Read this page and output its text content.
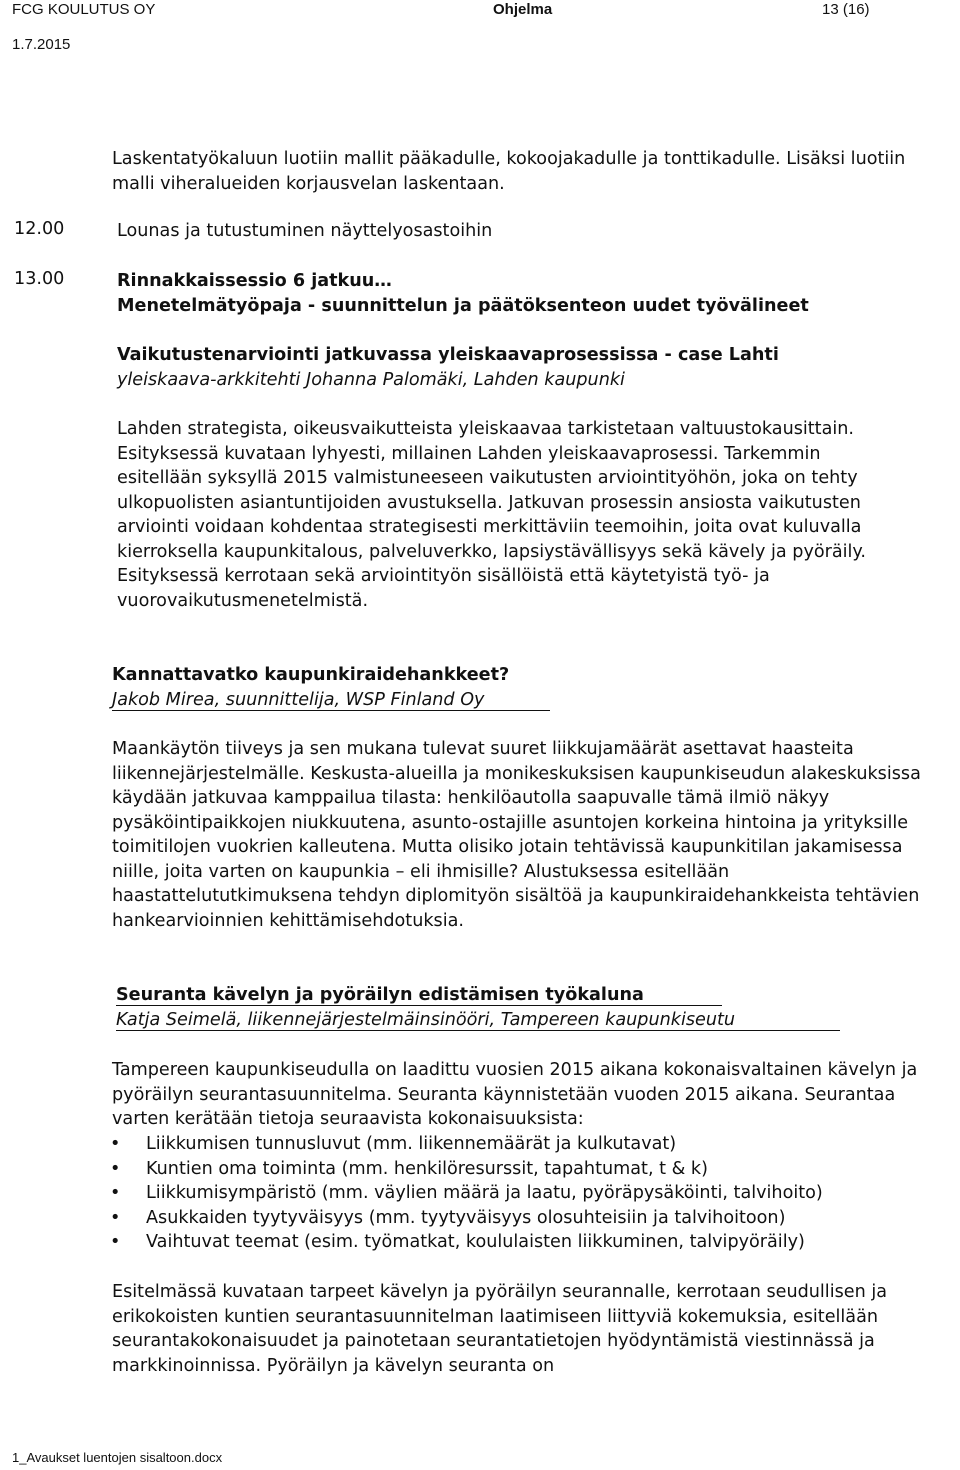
FCG KOULUTUS OY	Ohjelma	13 (16)
1.7.2015

Laskentatyökaluun luotiin mallit pääkadulle, kokoojakadulle ja tonttikadulle. Lisäksi luotiin malli viheralueiden korjausvelan laskentaan.

12.00	Lounas ja tutustuminen näyttelyosastoihin
13.00	Rinnakkaissessio 6 jatkuu…
Menetelmätyöpaja - suunnittelun ja päätöksenteon uudet työvälineet
Vaikutustenarviointi jatkuvassa yleiskaavaprosessissa - case Lahti
yleiskaava-arkkitehti Johanna Palomäki, Lahden kaupunki

Lahden strategista, oikeusvaikutteista yleiskaavaa tarkistetaan valtuustokausittain. Esityksessä kuvataan lyhyesti, millainen Lahden yleiskaavaprosessi. Tarkemmin esitellään syksyllä 2015 valmistuneeseen vaikutusten arviointityöhön, joka on tehty ulkopuolisten asiantuntijoiden avustuksella. Jatkuvan prosessin ansiosta vaikutusten arviointi voidaan kohdentaa strategisesti merkittäviin teemoihin, joita ovat kuluvalla kierroksella kaupunkitalous, palveluverkko, lapsiystävällisyys sekä kävely ja pyöräily. Esityksessä kerrotaan sekä arviointityön sisällöistä että käytetyistä työ- ja vuorovaikutusmenetelmistä.

Kannattavatko kaupunkiraidehankkeet?
Jakob Mirea, suunnittelija, WSP Finland Oy

Maankäytön tiiveys ja sen mukana tulevat suuret liikkujamäärät asettavat haasteita liikennejärjestelmälle. Keskusta-alueilla ja monikeskuksisen kaupunkiseudun alakeskuksissa käydään jatkuvaa kamppailua tilasta: henkilöautolla saapuvalle tämä ilmiö näkyy pysäköintipaikkojen niukkuutena, asunto-ostajille asuntojen korkeina hintoina ja yrityksille toimitilojen vuokrien kalleutena. Mutta olisiko jotain tehtävissä kaupunkitilan jakamisessa niille, joita varten on kaupunkia – eli ihmisille? Alustuksessa esitellään haastattelututkimuksena tehdyn diplomityön sisältöä ja kaupunkiraidehankkeista tehtävien hankearvioinnien kehittämisehdotuksia.

Seuranta kävelyn ja pyöräilyn edistämisen työkaluna
Katja Seimelä, liikennejärjestelmäinsinööri, Tampereen kaupunkiseutu

Tampereen kaupunkiseudulla on laadittu vuosien 2015 aikana kokonaisvaltainen kävelyn ja pyöräilyn seurantasuunnitelma. Seuranta käynnistetään vuoden 2015 aikana. Seurantaa varten kerätään tietoja seuraavista kokonaisuuksista:

• Liikkumisen tunnusluvut (mm. liikennemäärät ja kulkutavat)
• Kuntien oma toiminta (mm. henkilöresurssit, tapahtumat, t & k)
• Liikkumisympäristö (mm. väylien määrä ja laatu, pyöräpysäköinti, talvihoito)
• Asukkaiden tyytyväisyys (mm. tyytyväisyys olosuhteisiin ja talvihoitoon)
• Vaihtuvat teemat (esim. työmatkat, koululaisten liikkuminen, talvipyöräily)

Esitelmässä kuvataan tarpeet kävelyn ja pyöräilyn seurannalle, kerrotaan seudullisen ja erikokoisten kuntien seurantasuunnitelman laatimiseen liittyviä kokemuksia, esitellään seurantakokonaisuudet ja painotetaan seurantatietojen hyödyntämistä viestinnässä ja markkinoinnissa. Pyöräilyn ja kävelyn seuranta on

1_Avaukset luentojen sisaltoon.docx
